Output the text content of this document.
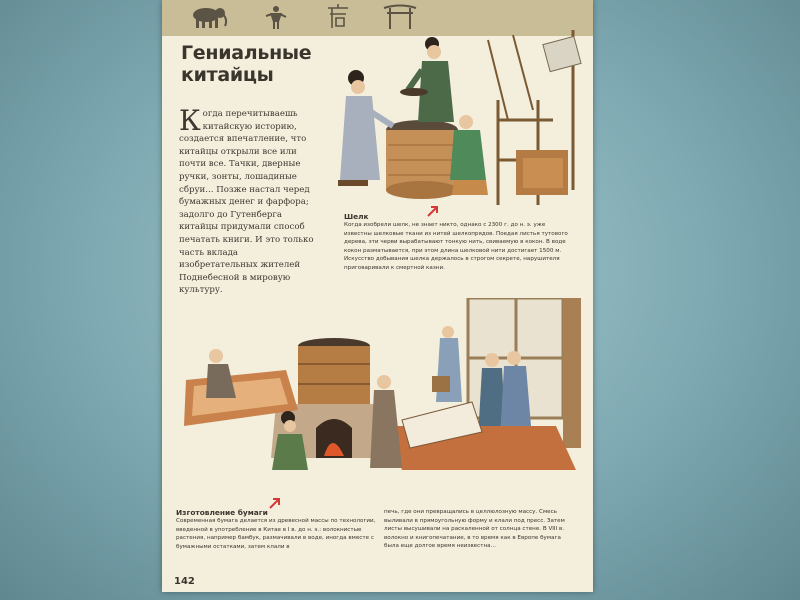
Гениальные китайцы
Когда перечитываешь китайскую историю, создается впечатление, что китайцы открыли все или почти все. Тачки, дверные ручки, зонты, лошадиные сбруи... Позже настал черед бумажных денег и фарфора; задолго до Гутенберга китайцы придумали способ печатать книги. И это только часть вклада изобретательных жителей Поднебесной в мировую культуру.
Шелк
Когда изобрели шелк, не знает никто, однако с 2300 г. до н. э. уже известны шелковые ткани из нитей шелкопрядов. Поедая листья тутового дерева, эти черви вырабатывают тонкую нить, свиваемую в кокон. В воде кокон разматывается, при этом длина шелковой нити достигает 1500 м. Искусство добывания шелка держалось в строгом секрете, нарушителя приговаривали к смертной казни.
Изготовление бумаги
Современная бумага делается из древесной массы по технологии, введенной в употребление в Китае в I в. до н. э.: волокнистые растения, например бамбук, размачивали в воде, иногда вместе с бумажными остатками, затем клали в
печь, где они превращались в целлюлозную массу. Смесь выливали в прямоугольную форму и клали под пресс. Затем листы высушивали на раскаленной от солнца стене. В VIII в. волокно и книгопечатание, в то время как в Европе бумага была еще долгое время неизвестна...
142
